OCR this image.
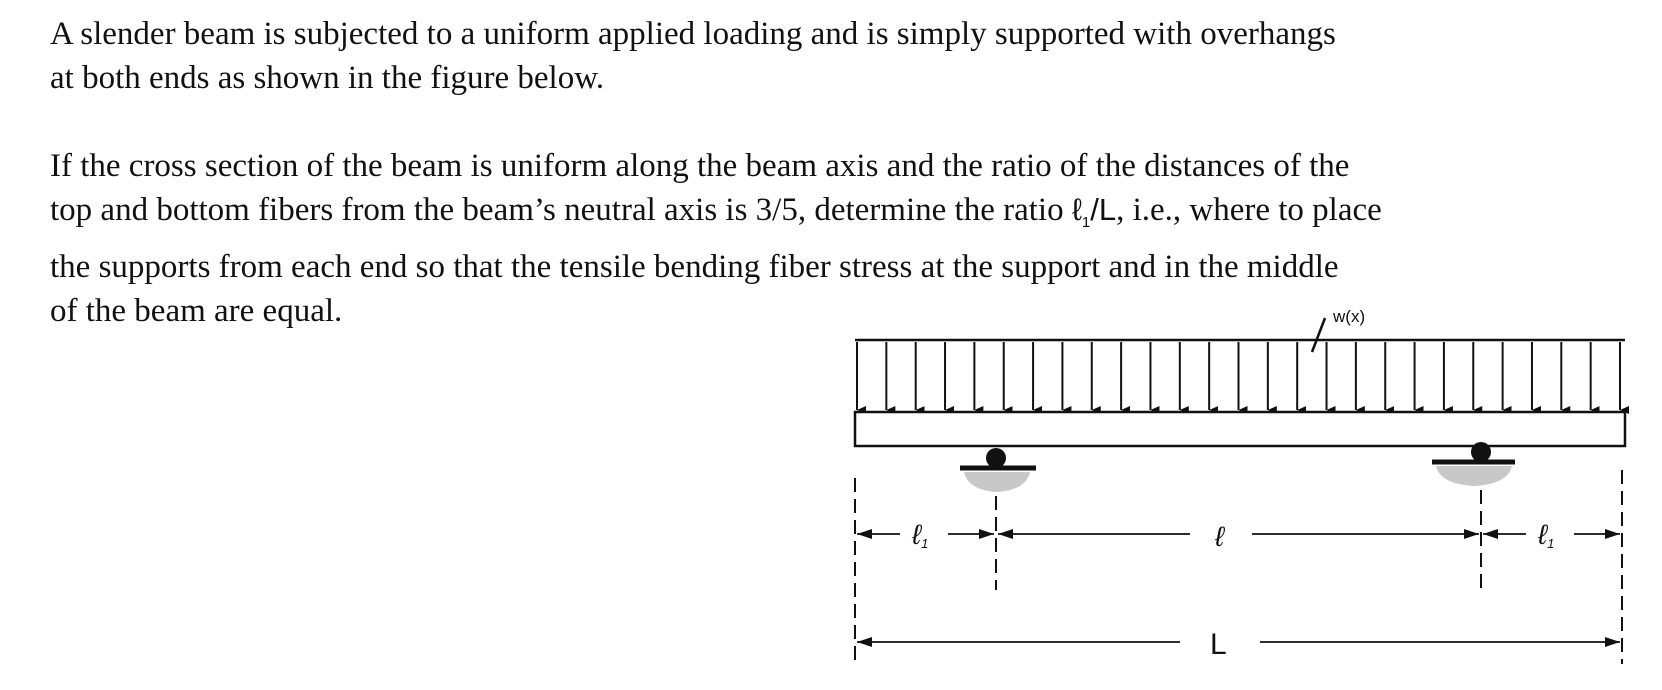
A slender beam is subjected to a uniform applied loading and is simply supported with overhangs
at both ends as shown in the figure below.

If the cross section of the beam is uniform along the beam axis and the ratio of the distances of the
top and bottom fibers from the beam’s neutral axis is 3/5, determine the ratio ℓ$_1$/L, i.e., where to place
the supports from each end so that the tensile bending fiber stress at the support and in the middle
of the beam are equal.	w(x)
ℓ1	ℓ	ℓ1
L
